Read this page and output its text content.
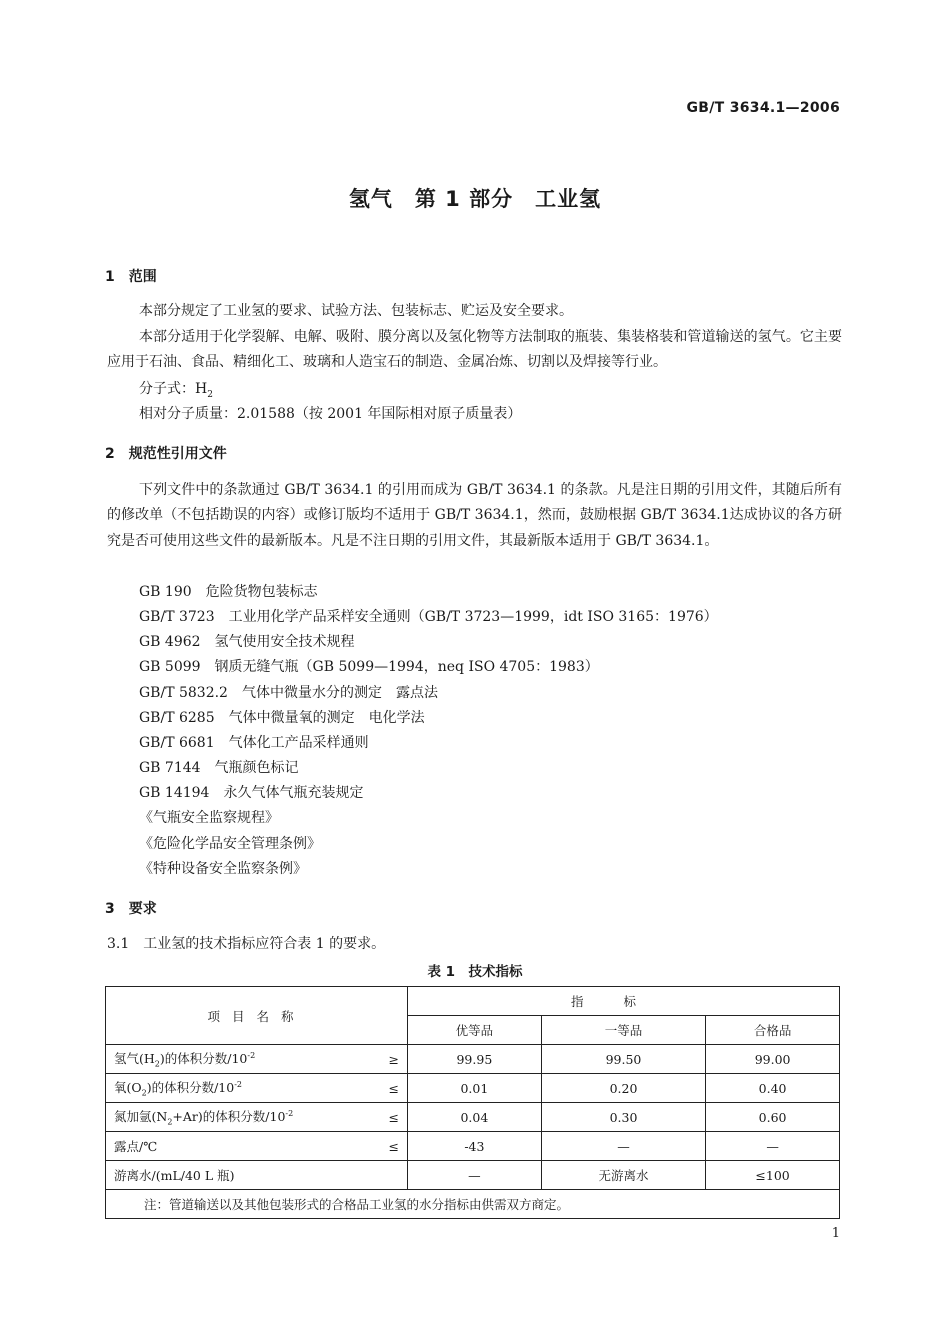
GB/T 3634.1—2006
氢气　第 1 部分　工业氢
1　范围
本部分规定了工业氢的要求、试验方法、包装标志、贮运及安全要求。
本部分适用于化学裂解、电解、吸附、膜分离以及氢化物等方法制取的瓶装、集装格装和管道输送的氢气。它主要应用于石油、食品、精细化工、玻璃和人造宝石的制造、金属冶炼、切割以及焊接等行业。
分子式：$H_2$
相对分子质量：2.01588（按 2001 年国际相对原子质量表）
2　规范性引用文件
下列文件中的条款通过 GB/T 3634.1 的引用而成为 GB/T 3634.1 的条款。凡是注日期的引用文件，其随后所有的修改单（不包括勘误的内容）或修订版均不适用于 GB/T 3634.1，然而，鼓励根据 GB/T 3634.1达成协议的各方研究是否可使用这些文件的最新版本。凡是不注日期的引用文件，其最新版本适用于 GB/T 3634.1。
GB 190　危险货物包装标志
GB/T 3723　工业用化学产品采样安全通则（GB/T 3723—1999，idt ISO 3165：1976）
GB 4962　氢气使用安全技术规程
GB 5099　钢质无缝气瓶（GB 5099—1994，neq ISO 4705：1983）
GB/T 5832.2　气体中微量水分的测定　露点法
GB/T 6285　气体中微量氧的测定　电化学法
GB/T 6681　气体化工产品采样通则
GB 7144　气瓶颜色标记
GB 14194　永久气体气瓶充装规定
《气瓶安全监察规程》
《危险化学品安全管理条例》
《特种设备安全监察条例》
3　要求
3.1　工业氢的技术指标应符合表 1 的要求。
表 1　技术指标
项目名称	指标		
	优等品	一等品	合格品

氢气$(H_2)$的体积分数$/10^{-2}$ ≥	99.95	99.50	99.00

氧$(O_2)$的体积分数$/10^{-2}$ ≤	0.01	0.20	0.40

氮加氩$(N_2+Ar)$的体积分数$/10^{-2}$ ≤	0.04	0.30	0.60

露点/℃ ≤	-43	—	—

游离水/(mL/40 L 瓶)	—	无游离水	≤100
注：管道输送以及其他包装形式的合格品工业氢的水分指标由供需双方商定。			
1
